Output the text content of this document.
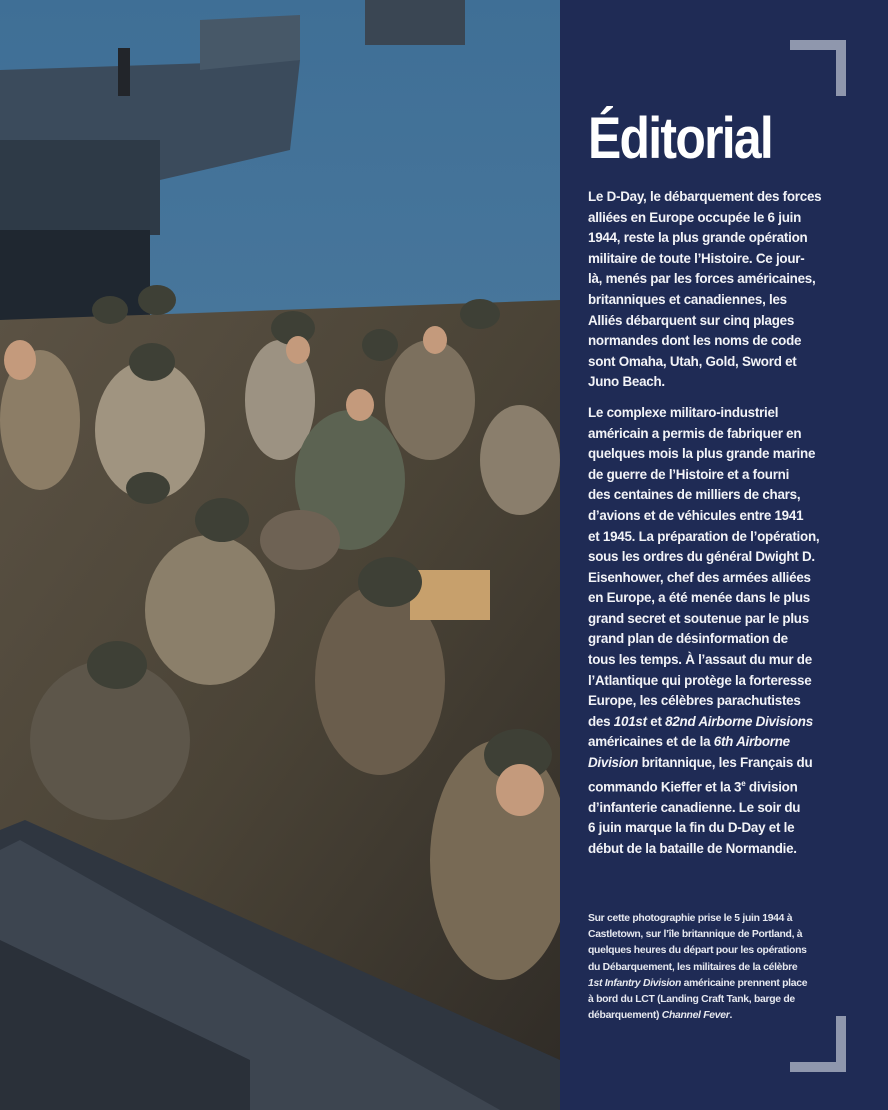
Éditorial

Le D-Day, le débarquement des forces
alliées en Europe occupée le 6 juin
1944, reste la plus grande opération
militaire de toute l’Histoire. Ce jour-
là, menés par les forces américaines,
britanniques et canadiennes, les
Alliés débarquent sur cinq plages
normandes dont les noms de code
sont Omaha, Utah, Gold, Sword et
Juno Beach.

Le complexe militaro-industriel
américain a permis de fabriquer en
quelques mois la plus grande marine
de guerre de l’Histoire et a fourni
des centaines de milliers de chars,
d’avions et de véhicules entre 1941
et 1945. La préparation de l’opération,
sous les ordres du général Dwight D.
Eisenhower, chef des armées alliées
en Europe, a été menée dans le plus
grand secret et soutenue par le plus
grand plan de désinformation de
tous les temps. À l’assaut du mur de
l’Atlantique qui protège la forteresse
Europe, les célèbres parachutistes
des 101st et 82nd Airborne Divisions
américaines et de la 6th Airborne
Division britannique, les Français du
commando Kieffer et la 3e division
d’infanterie canadienne. Le soir du
6 juin marque la fin du D-Day et le
début de la bataille de Normandie.

Sur cette photographie prise le 5 juin 1944 à
Castletown, sur l’île britannique de Portland, à
quelques heures du départ pour les opérations
du Débarquement, les militaires de la célèbre
1st Infantry Division américaine prennent place
à bord du LCT (Landing Craft Tank, barge de
débarquement) Channel Fever.
